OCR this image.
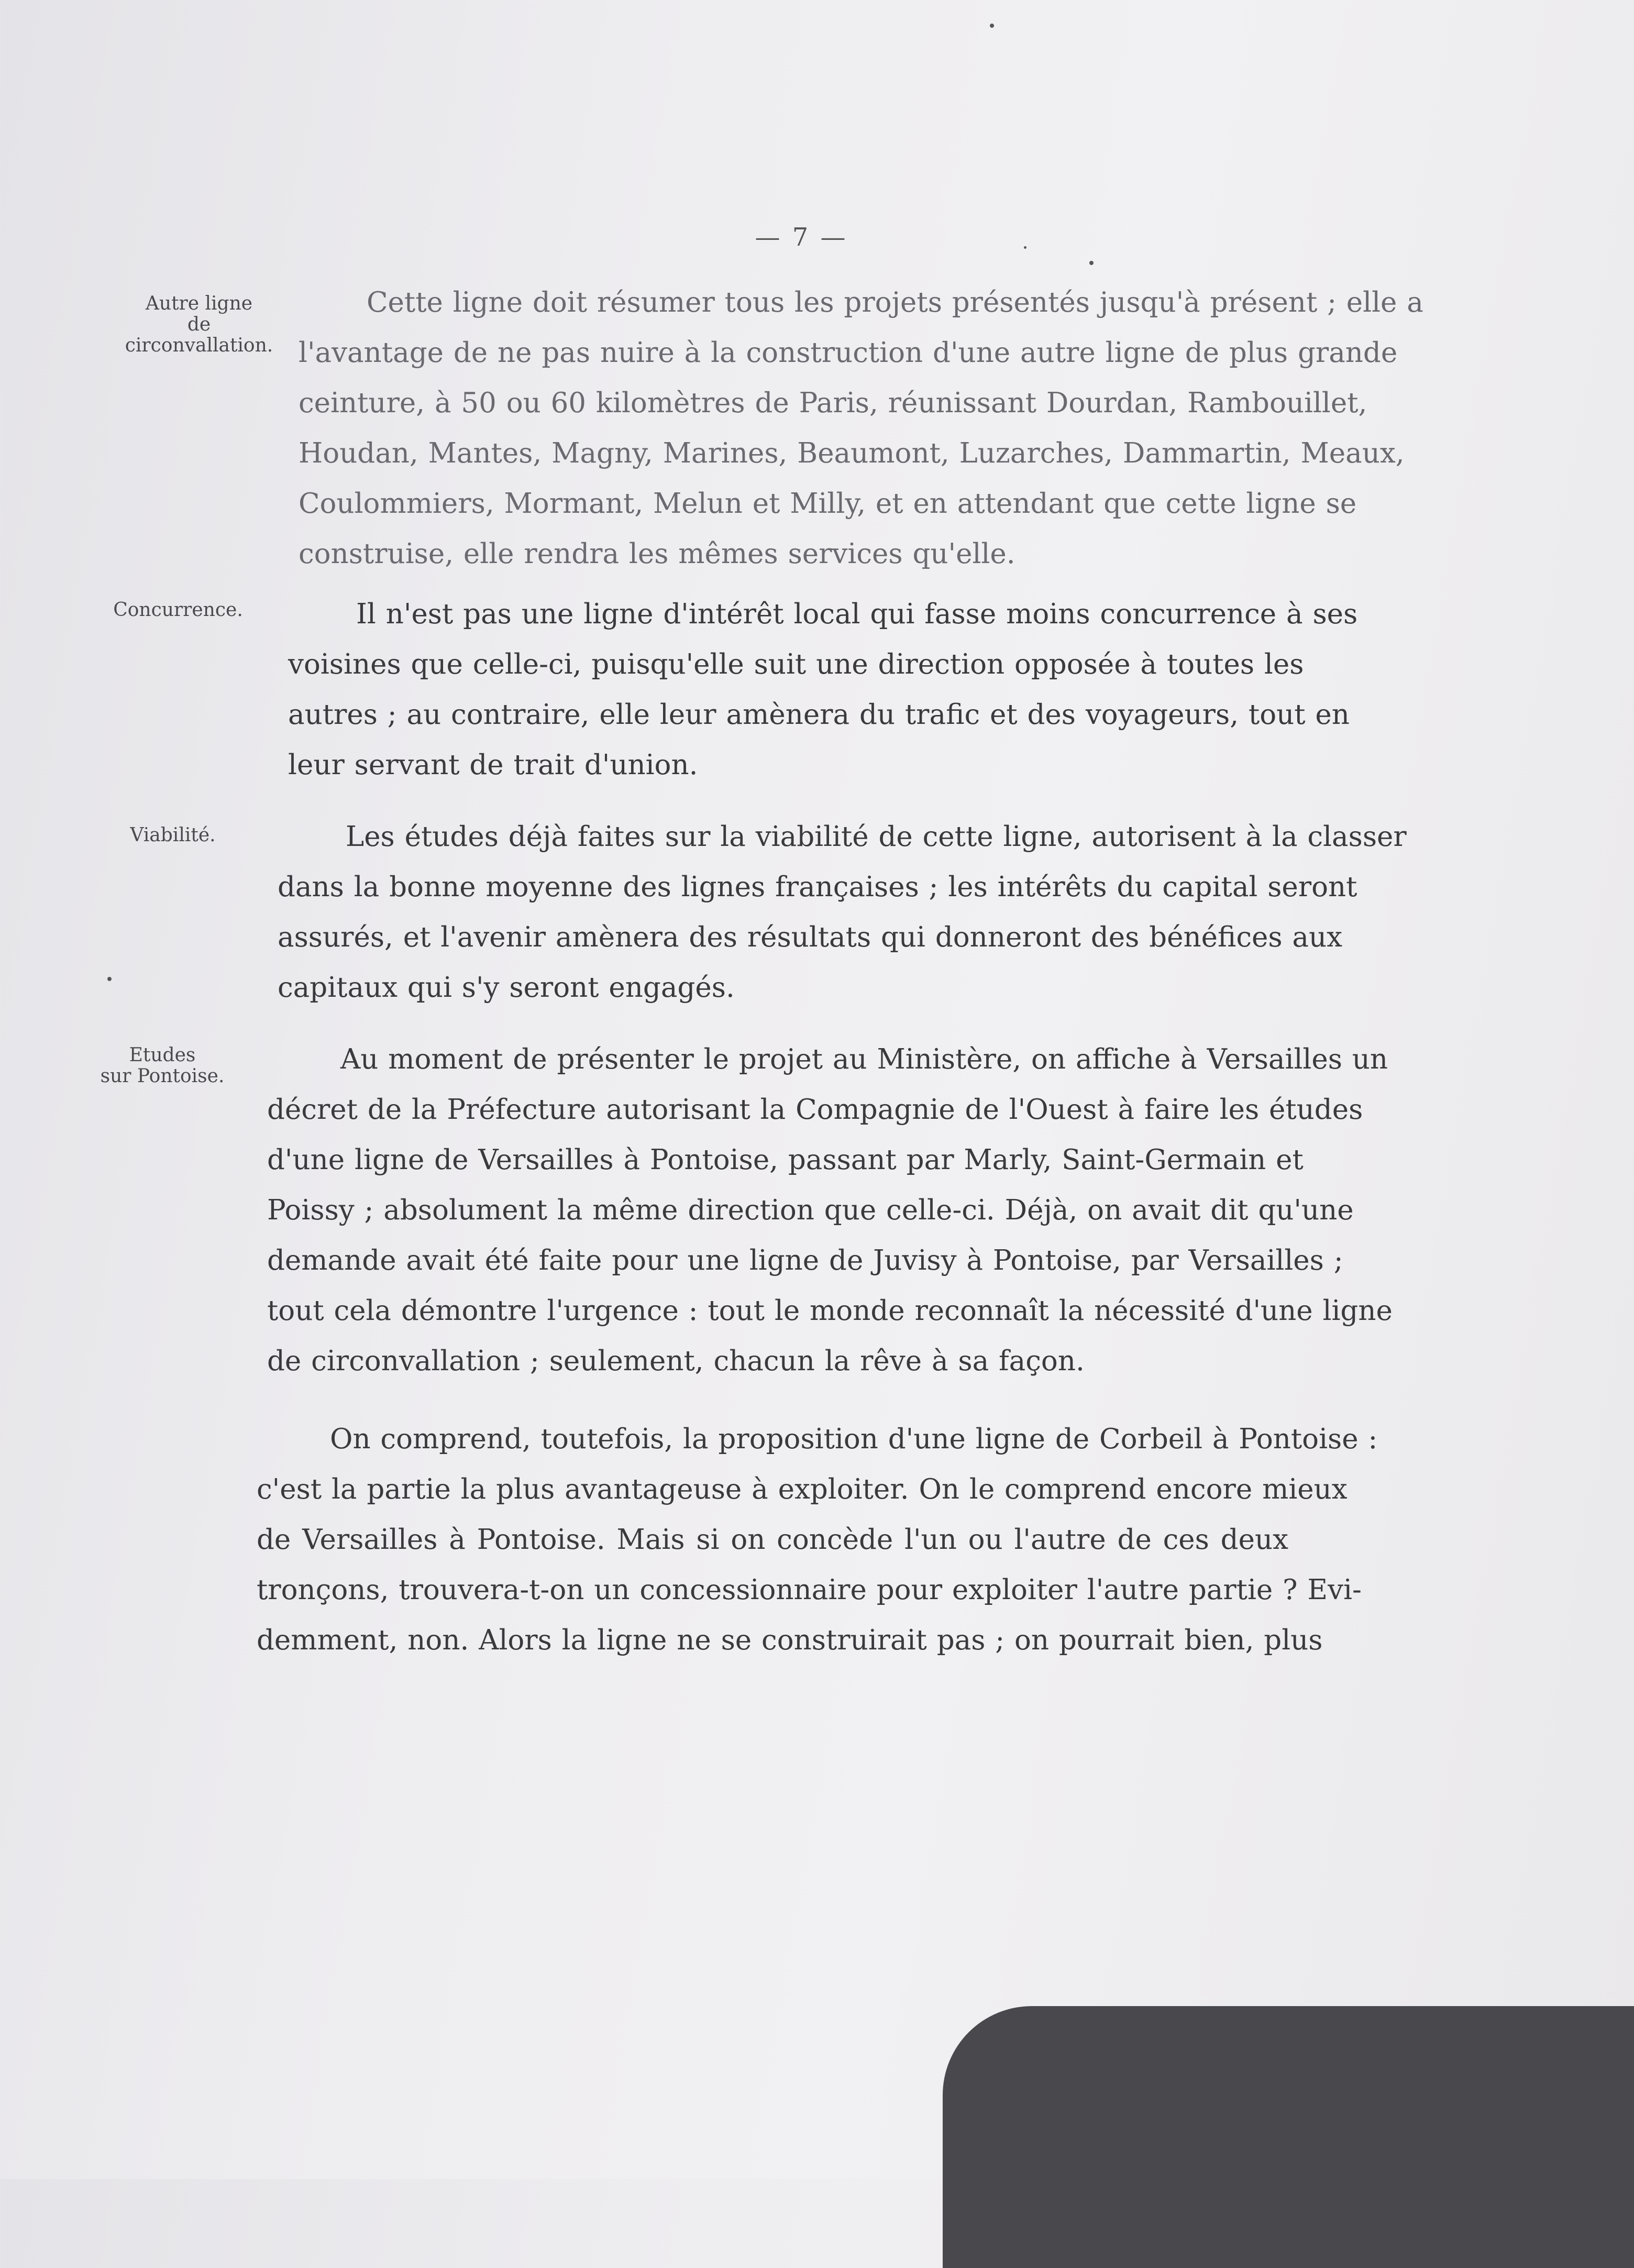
— 7 —
Autre ligne
de
circonvallation.
Cette ligne doit résumer tous les projets présentés jusqu'à présent ; elle a
l'avantage de ne pas nuire à la construction d'une autre ligne de plus grande
ceinture, à 50 ou 60 kilomètres de Paris, réunissant Dourdan, Rambouillet,
Houdan, Mantes, Magny, Marines, Beaumont, Luzarches, Dammartin, Meaux,
Coulommiers, Mormant, Melun et Milly, et en attendant que cette ligne se
construise, elle rendra les mêmes services qu'elle.
Concurrence.	Il n'est pas une ligne d'intérêt local qui fasse moins concurrence à ses
voisines que celle-ci, puisqu'elle suit une direction opposée à toutes les
autres ; au contraire, elle leur amènera du trafic et des voyageurs, tout en
leur servant de trait d'union.
Viabilité.	Les études déjà faites sur la viabilité de cette ligne, autorisent à la classer
dans la bonne moyenne des lignes françaises ; les intérêts du capital seront
assurés, et l'avenir amènera des résultats qui donneront des bénéfices aux
capitaux qui s'y seront engagés.
Etudes
sur Pontoise.
Au moment de présenter le projet au Ministère, on affiche à Versailles un
décret de la Préfecture autorisant la Compagnie de l'Ouest à faire les études
d'une ligne de Versailles à Pontoise, passant par Marly, Saint-Germain et
Poissy ; absolument la même direction que celle-ci. Déjà, on avait dit qu'une
demande avait été faite pour une ligne de Juvisy à Pontoise, par Versailles ;
tout cela démontre l'urgence : tout le monde reconnaît la nécessité d'une ligne
de circonvallation ; seulement, chacun la rêve à sa façon.
On comprend, toutefois, la proposition d'une ligne de Corbeil à Pontoise :
c'est la partie la plus avantageuse à exploiter. On le comprend encore mieux
de Versailles à Pontoise. Mais si on concède l'un ou l'autre de ces deux
tronçons, trouvera-t-on un concessionnaire pour exploiter l'autre partie ? Evi-
demment, non. Alors la ligne ne se construirait pas ; on pourrait bien, plus
